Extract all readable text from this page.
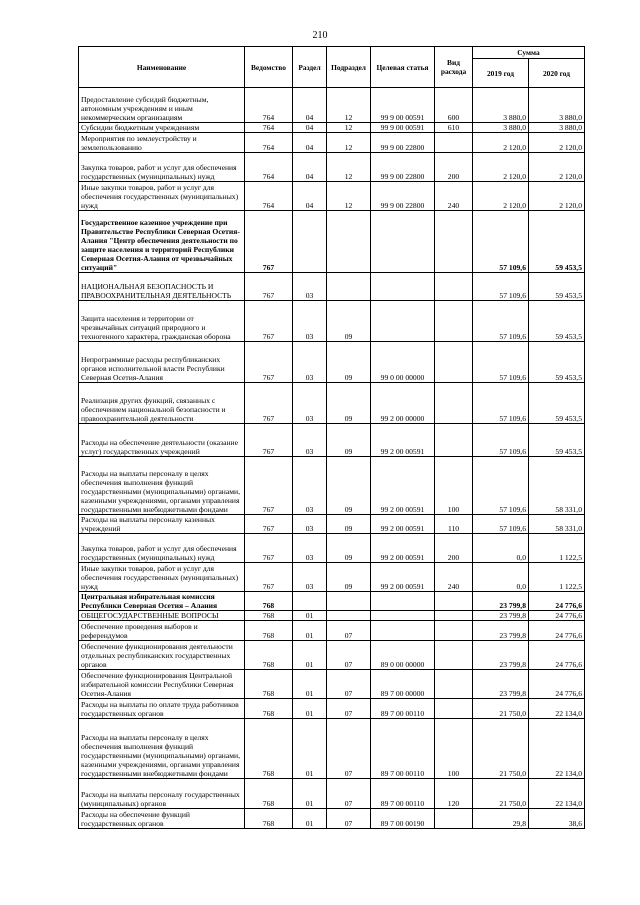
210
Наименование	Ведомство	Раздел	Подраздел	Целевая статья	Вид расхода	Сумма	
						2019 год	2020 год
Предоставление субсидий бюджетным, автономным учреждениям и иным некоммерческим организациям	764	04	12	99 9 00 00591	600	3 880,0	3 880,0
Субсидии бюджетным учреждениям	764	04	12	99 9 00 00591	610	3 880,0	3 880,0
Мероприятия по землеустройству и землепользованию	764	04	12	99 9 00 22800		2 120,0	2 120,0
Закупка товаров, работ и услуг для обеспечения государственных (муниципальных) нужд	764	04	12	99 9 00 22800	200	2 120,0	2 120,0
Иные закупки товаров, работ и услуг для обеспечения государственных (муниципальных) нужд	764	04	12	99 9 00 22800	240	2 120,0	2 120,0
Государственное казенное учреждение при Правительстве Республики Северная Осетия-Алания "Центр обеспечения деятельности по защите населения и территорий Республики Северная Осетия-Алания от чрезвычайных ситуаций"	767					57 109,6	59 453,5
НАЦИОНАЛЬНАЯ БЕЗОПАСНОСТЬ И ПРАВООХРАНИТЕЛЬНАЯ ДЕЯТЕЛЬНОСТЬ	767	03				57 109,6	59 453,5
Защита населения и территории от чрезвычайных ситуаций природного и техногенного характера, гражданская оборона	767	03	09			57 109,6	59 453,5
Непрограммные расходы республиканских органов исполнительной власти Республики Северная Осетия-Алания	767	03	09	99 0 00 00000		57 109,6	59 453,5
Реализация других функций, связанных с обеспечением национальной безопасности и правоохранительной деятельности	767	03	09	99 2 00 00000		57 109,6	59 453,5
Расходы на обеспечение деятельности (оказание услуг) государственных учреждений	767	03	09	99 2 00 00591		57 109,6	59 453,5
Расходы на выплаты персоналу в целях обеспечения выполнения функций государственными (муниципальными) органами, казенными учреждениями, органами управления государственными внебюджетными фондами	767	03	09	99 2 00 00591	100	57 109,6	58 331,0
Расходы на выплаты персоналу казенных учреждений	767	03	09	99 2 00 00591	110	57 109,6	58 331,0
Закупка товаров, работ и услуг для обеспечения государственных (муниципальных) нужд	767	03	09	99 2 00 00591	200	0,0	1 122,5
Иные закупки товаров, работ и услуг для обеспечения государственных (муниципальных) нужд	767	03	09	99 2 00 00591	240	0,0	1 122,5
Центральная избирательная комиссия Республики Северная Осетия – Алания	768					23 799,8	24 776,6
ОБЩЕГОСУДАРСТВЕННЫЕ ВОПРОСЫ	768	01				23 799,8	24 776,6
Обеспечение проведения выборов и референдумов	768	01	07			23 799,8	24 776,6
Обеспечение функционирования деятельности отдельных республиканских государственных органов	768	01	07	89 0 00 00000		23 799,8	24 776,6
Обеспечение функционирования Центральной избирательной комиссии Республики Северная Осетия-Алания	768	01	07	89 7 00 00000		23 799,8	24 776,6
Расходы на выплаты по оплате труда работников государственных органов	768	01	07	89 7 00 00110		21 750,0	22 134,0
Расходы на выплаты персоналу в целях обеспечения выполнения функций государственными (муниципальными) органами, казенными учреждениями, органами управления государственными внебюджетными фондами	768	01	07	89 7 00 00110	100	21 750,0	22 134,0
Расходы на выплаты персоналу государственных (муниципальных) органов	768	01	07	89 7 00 00110	120	21 750,0	22 134,0
Расходы на обеспечение функций государственных органов	768	01	07	89 7 00 00190		29,8	38,6
